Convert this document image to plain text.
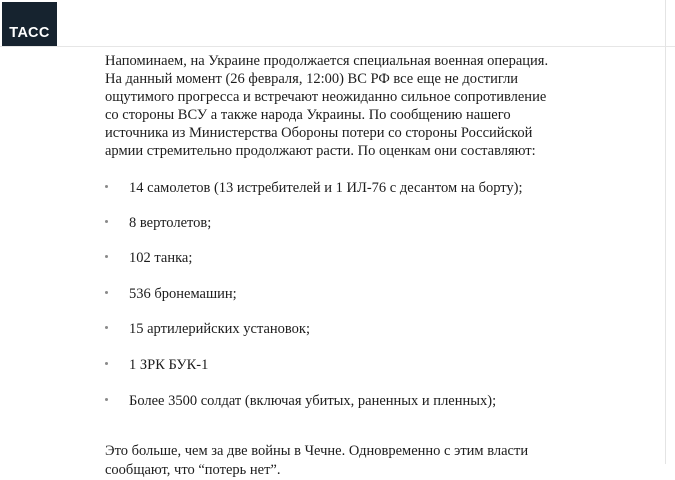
ТАСС

Напоминаем, на Украине продолжается специальная военная операция.
На данный момент (26 февраля, 12:00) ВС РФ все еще не достигли
ощутимого прогресса и встречают неожиданно сильное сопротивление
со стороны ВСУ а также народа Украины. По сообщению нашего
источника из Министерства Обороны потери со стороны Российской
армии стремительно продолжают расти. По оценкам они составляют:

14 самолетов (13 истребителей и 1 ИЛ-76 с десантом на борту);
8 вертолетов;
102 танка;
536 бронемашин;
15 артилерийских установок;
1 ЗРК БУК-1
Более 3500 солдат (включая убитых, раненных и пленных);

Это больше, чем за две войны в Чечне. Одновременно с этим власти
сообщают, что “потерь нет”.
